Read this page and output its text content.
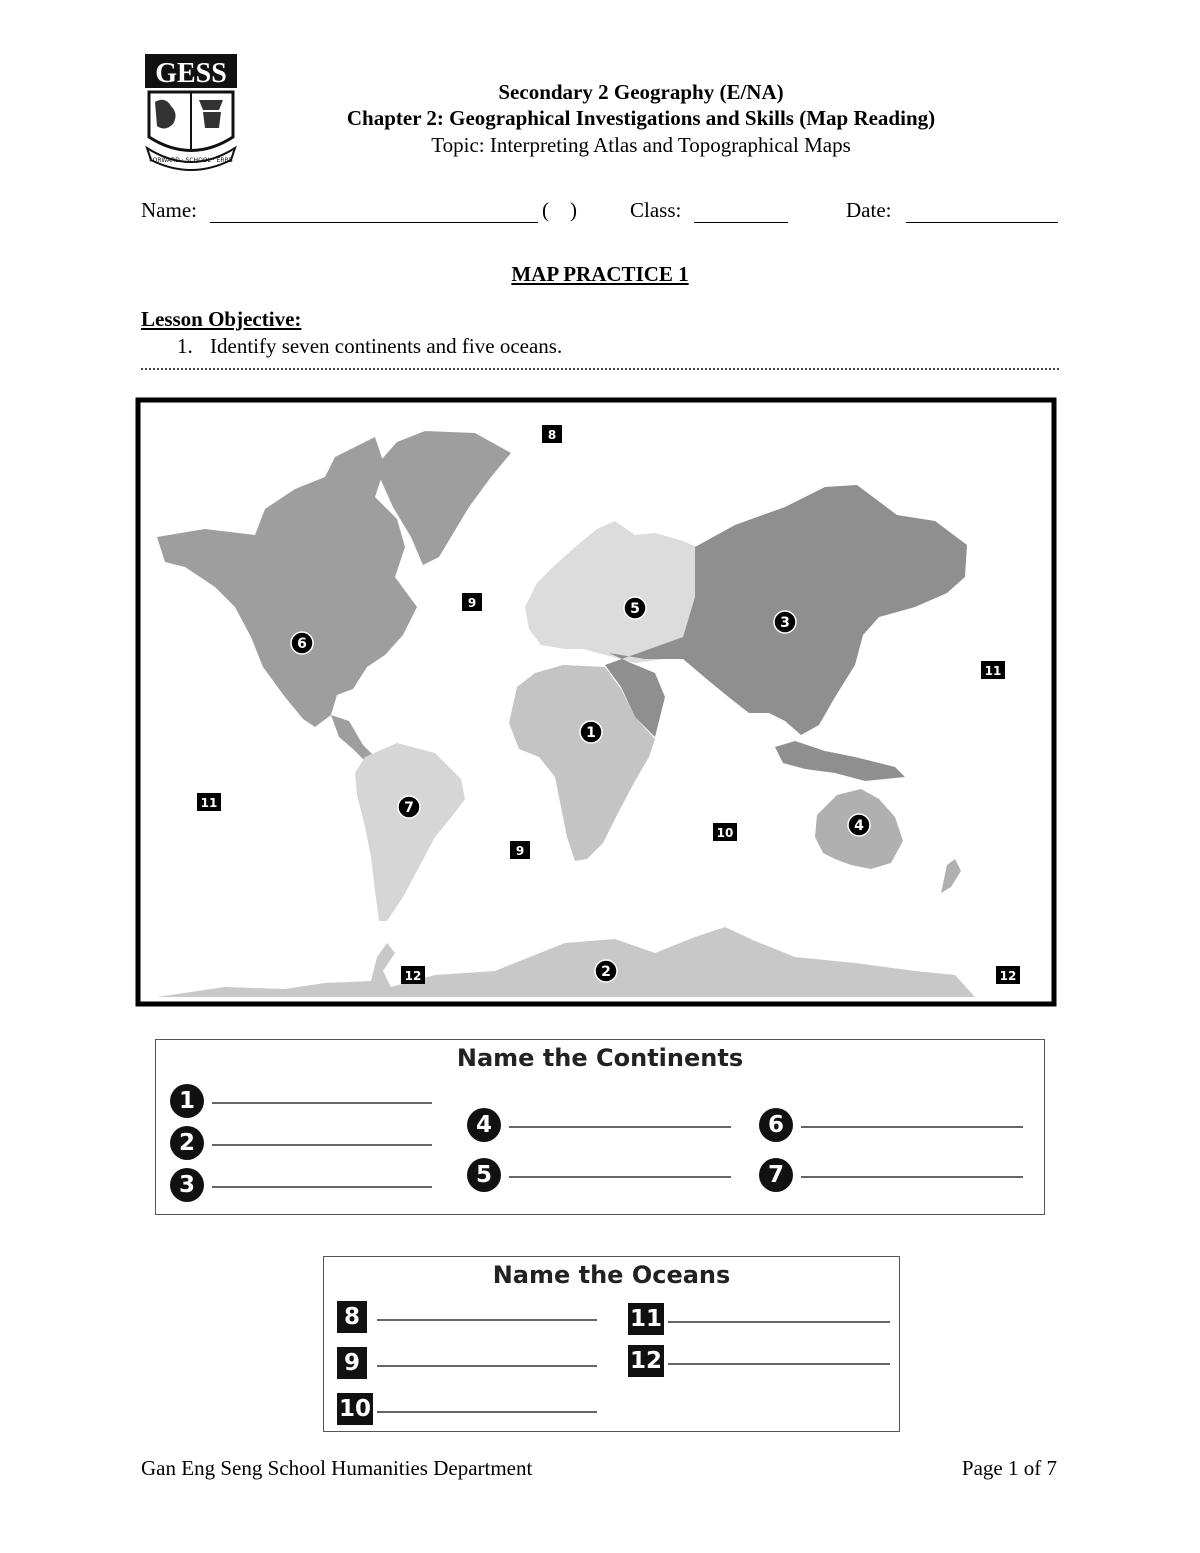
GESS
FORWARD · SCHOOL · ERBB
Secondary 2 Geography (E/NA)
Chapter 2: Geographical Investigations and Skills (Map Reading)
Topic: Interpreting Atlas and Topographical Maps
Name:	(    )	Class:	Date:
MAP PRACTICE 1
Lesson Objective:
1. Identify seven continents and five oceans.
1
2
3
4
5
6
7
8
9
9
10
11
11
12	12
Name the Continents
1
2
3
4
5
6
7
Name the Oceans
8
9
10
11
12
Gan Eng Seng School Humanities Department	Page 1 of 7
